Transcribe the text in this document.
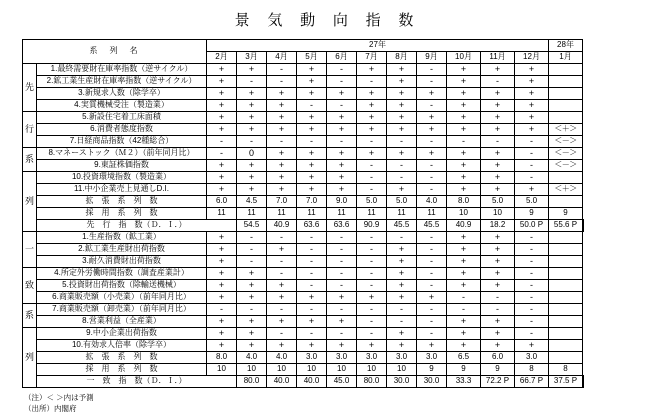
景 気 動 向 指 数
系　列　名		27年											28年	
		2月	3月	4月	5月	6月	7月	8月	9月	10月	11月	12月	1月	
先	1.最終需要財在庫率指数（逆サイクル）	+	+	-	+	-	+	+	-	+	+	+		
	2.鉱工業生産財在庫率指数（逆サイクル）	+	-	-	+	-	-	+	-	+	-	+		
	3.新規求人数（除学卒）	+	+	+	+	+	+	+	+	+	+	+		
	4.実質機械受注（製造業）	+	+	+	-	-	+	+	-	+	+	+		
行	5.新設住宅着工床面積	+	+	+	+	+	+	+	+	+	+	+		
	6.消費者態度指数	+	+	+	+	+	+	+	+	+	+	+	＜＋＞	
	7.日経商品指数（42種総合）	-	-	-	-	-	-	-	-	-	-	-	＜－＞	
系	8.マネーストック（Ｍ２）（前年同月比）	-	0	+	+	+	+	+	+	+	+	-	＜－＞	
	9.東証株価指数	+	+	+	+	+	-	-	-	+	+	-	＜－＞	
列	10.投資環境指数（製造業）	+	+	+	+	+	-	-	-	+	+	-		
	11.中小企業売上見通しD.I.	+	+	+	+	+	-	+	-	+	+	+	＜＋＞	
	拡　張　系　列　数	6.0	4.5	7.0	7.0	9.0	5.0	5.0	4.0	8.0	5.0	5.0		
	採　用　系　列　数	11	11	11	11	11	11	11	11	10	10	9	9	
	先　行　指　数（Ｄ．Ｉ．）		54.5	40.9	63.6	63.6	90.9	45.5	45.5	40.9	18.2	50.0 P	55.6 P	
一	1.生産指数（鉱工業）	+	-	-	-	-	-	-	-	+	+	-		
	2.鉱工業生産財出荷指数	+	-	+	-	-	-	+	-	+	+	-		
	3.耐久消費財出荷指数	+	-	-	-	-	-	+	-	+	+	-		
致	4.所定外労働時間指数（調査産業計）	+	+	-	-	-	-	+	-	+	+	-		
	5.投資財出荷指数（除輸送機械）	+	+	+	-	-	-	+	-	+	+	-		
	6.商業販売額（小売業）（前年同月比）	+	+	+	+	+	+	+	+	-	-	-		
系	7.商業販売額（卸売業）（前年同月比）	-	-	-	-	-	-	-	-	-	-	-		
	8.営業利益（全産業）	+	+	+	+	+	-	-	-	+	+	-		
列	9.中小企業出荷指数	+	+	-	-	-	-	+	-	+	+	-		
	10.有効求人倍率（除学卒）	+	+	+	+	+	+	+	+	+	+	+		
	拡　張　系　列　数	8.0	4.0	4.0	3.0	3.0	3.0	3.0	3.0	6.5	6.0	3.0		
	採　用　系　列　数	10	10	10	10	10	10	10	9	9	9	8	8	
	一　致　指　数（Ｄ．Ｉ．）		80.0	40.0	40.0	45.0	80.0	30.0	30.0	33.3	72.2 P	66.7 P	37.5 P	
（注）＜ ＞内は予測
（出所）内閣府
